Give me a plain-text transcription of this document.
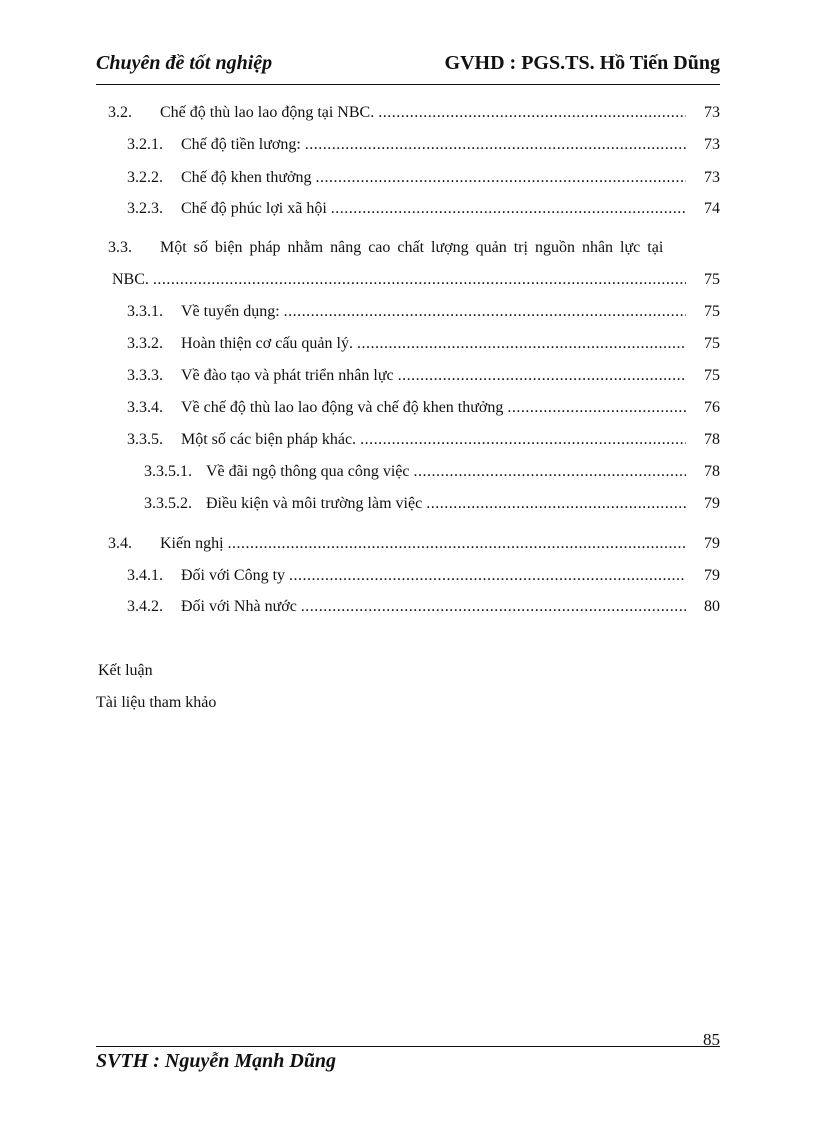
Chuyên đề tốt nghiệp	GVHD : PGS.TS. Hồ Tiến Dũng
3.2.	Chế độ thù lao lao động tại NBC. .....	73
3.2.1.	Chế độ tiền lương: .....	73
3.2.2.	Chế độ khen thưởng .....	73
3.2.3.	Chế độ phúc lợi xã hội .....	74
3.3.	Một số biện pháp nhằm nâng cao chất lượng quản trị nguồn nhân lực tại
NBC. .....	75
3.3.1.	Về tuyển dụng: .....	75
3.3.2.	Hoàn thiện cơ cấu quản lý. .....	75
3.3.3.	Về đào tạo và phát triển nhân lực .....	75
3.3.4.	Về chế độ thù lao lao động và chế độ khen thưởng .....	76
3.3.5.	Một số các biện pháp khác. .....	78
3.3.5.1. Về đãi ngộ thông qua công việc .....	78
3.3.5.2. Điều kiện và môi trường làm việc .....	79
3.4.	Kiến nghị .....	79
3.4.1.	Đối với Công ty .....	79
3.4.2.	Đối với Nhà nước .....	80
Kết luận
Tài liệu tham khảo
85
SVTH : Nguyễn Mạnh Dũng
